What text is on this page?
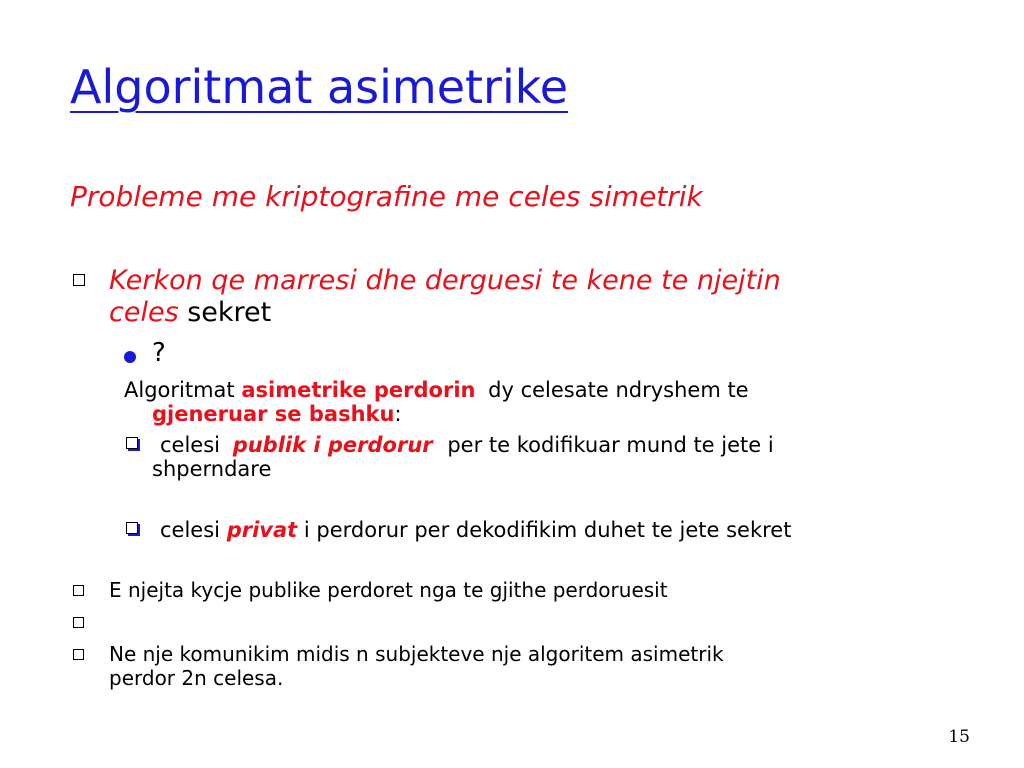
Algoritmat asimetrike
Probleme me kriptografine me celes simetrik
Kerkon qe marresi dhe derguesi te kene te njejtin
celes sekret
?
Algoritmat asimetrike perdorin dy celesate ndryshem te
gjeneruar se bashku:
celesi publik i perdorur per te kodifikuar mund te jete i
shperndare
celesi privat i perdorur per dekodifikim duhet te jete sekret
E njejta kycje publike perdoret nga te gjithe perdoruesit
Ne nje komunikim midis n subjekteve nje algoritem asimetrik
perdor 2n celesa.
15
